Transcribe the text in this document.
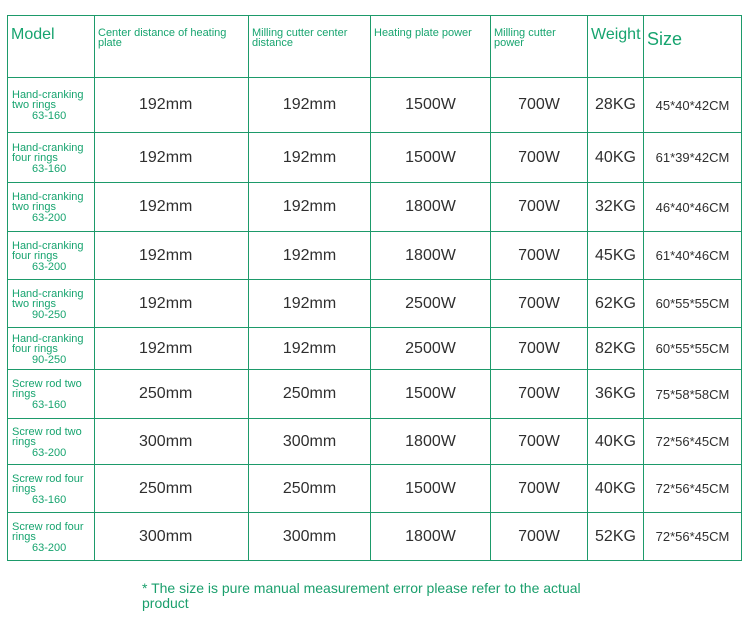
Model	Center distance of heating plate	Milling cutter center distance	Heating plate power	Milling cutter power	Weight	Size
Hand-cranking two rings
63-160	192mm	192mm	1500W	700W	28KG	45*40*42CM
Hand-cranking four rings
63-160	192mm	192mm	1500W	700W	40KG	61*39*42CM
Hand-cranking two rings
63-200	192mm	192mm	1800W	700W	32KG	46*40*46CM
Hand-cranking four rings
63-200	192mm	192mm	1800W	700W	45KG	61*40*46CM
Hand-cranking two rings
90-250	192mm	192mm	2500W	700W	62KG	60*55*55CM
Hand-cranking four rings
90-250	192mm	192mm	2500W	700W	82KG	60*55*55CM
Screw rod two rings
63-160	250mm	250mm	1500W	700W	36KG	75*58*58CM
Screw rod two rings
63-200	300mm	300mm	1800W	700W	40KG	72*56*45CM
Screw rod four rings
63-160	250mm	250mm	1500W	700W	40KG	72*56*45CM
Screw rod four rings
63-200	300mm	300mm	1800W	700W	52KG	72*56*45CM
* The size is pure manual measurement error please refer to the actual product
